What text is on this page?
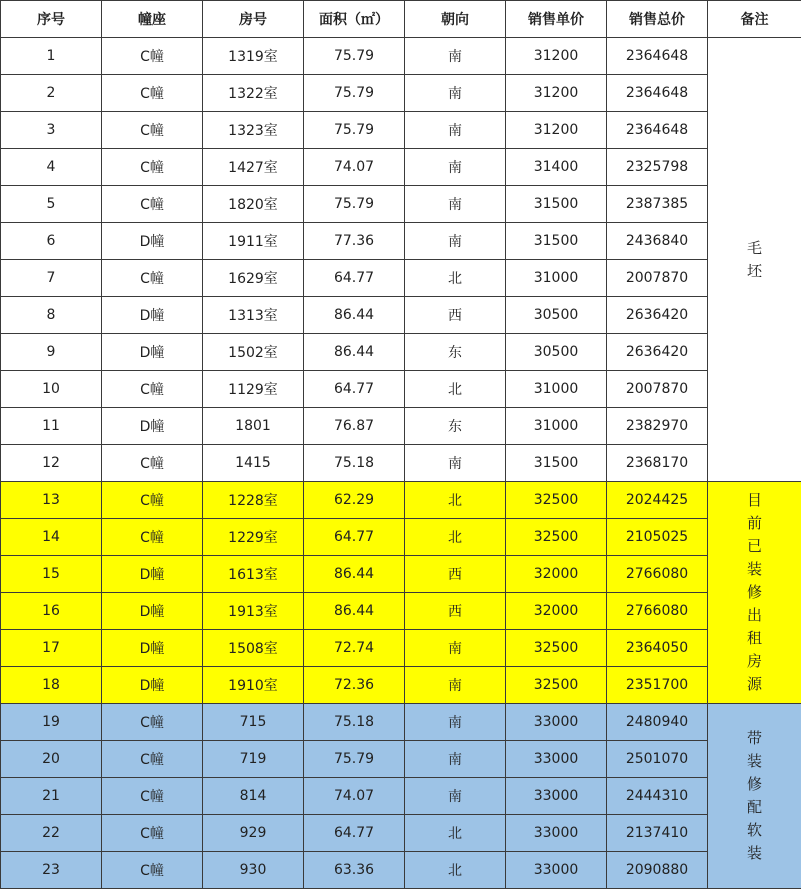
序号	幢座	房号	面积（㎡）	朝向	销售单价	销售总价	备注
1	C幢	1319室	75.79	南	31200	2364648	毛坯
2	C幢	1322室	75.79	南	31200	2364648	
3	C幢	1323室	75.79	南	31200	2364648	
4	C幢	1427室	74.07	南	31400	2325798	
5	C幢	1820室	75.79	南	31500	2387385	
6	D幢	1911室	77.36	南	31500	2436840	
7	C幢	1629室	64.77	北	31000	2007870	
8	D幢	1313室	86.44	西	30500	2636420	
9	D幢	1502室	86.44	东	30500	2636420	
10	C幢	1129室	64.77	北	31000	2007870	
11	D幢	1801	76.87	东	31000	2382970	
12	C幢	1415	75.18	南	31500	2368170	
13	C幢	1228室	62.29	北	32500	2024425	目前已装修出租房源
14	C幢	1229室	64.77	北	32500	2105025	
15	D幢	1613室	86.44	西	32000	2766080	
16	D幢	1913室	86.44	西	32000	2766080	
17	D幢	1508室	72.74	南	32500	2364050	
18	D幢	1910室	72.36	南	32500	2351700	
19	C幢	715	75.18	南	33000	2480940	带装修配软装
20	C幢	719	75.79	南	33000	2501070	
21	C幢	814	74.07	南	33000	2444310	
22	C幢	929	64.77	北	33000	2137410	
23	C幢	930	63.36	北	33000	2090880	
